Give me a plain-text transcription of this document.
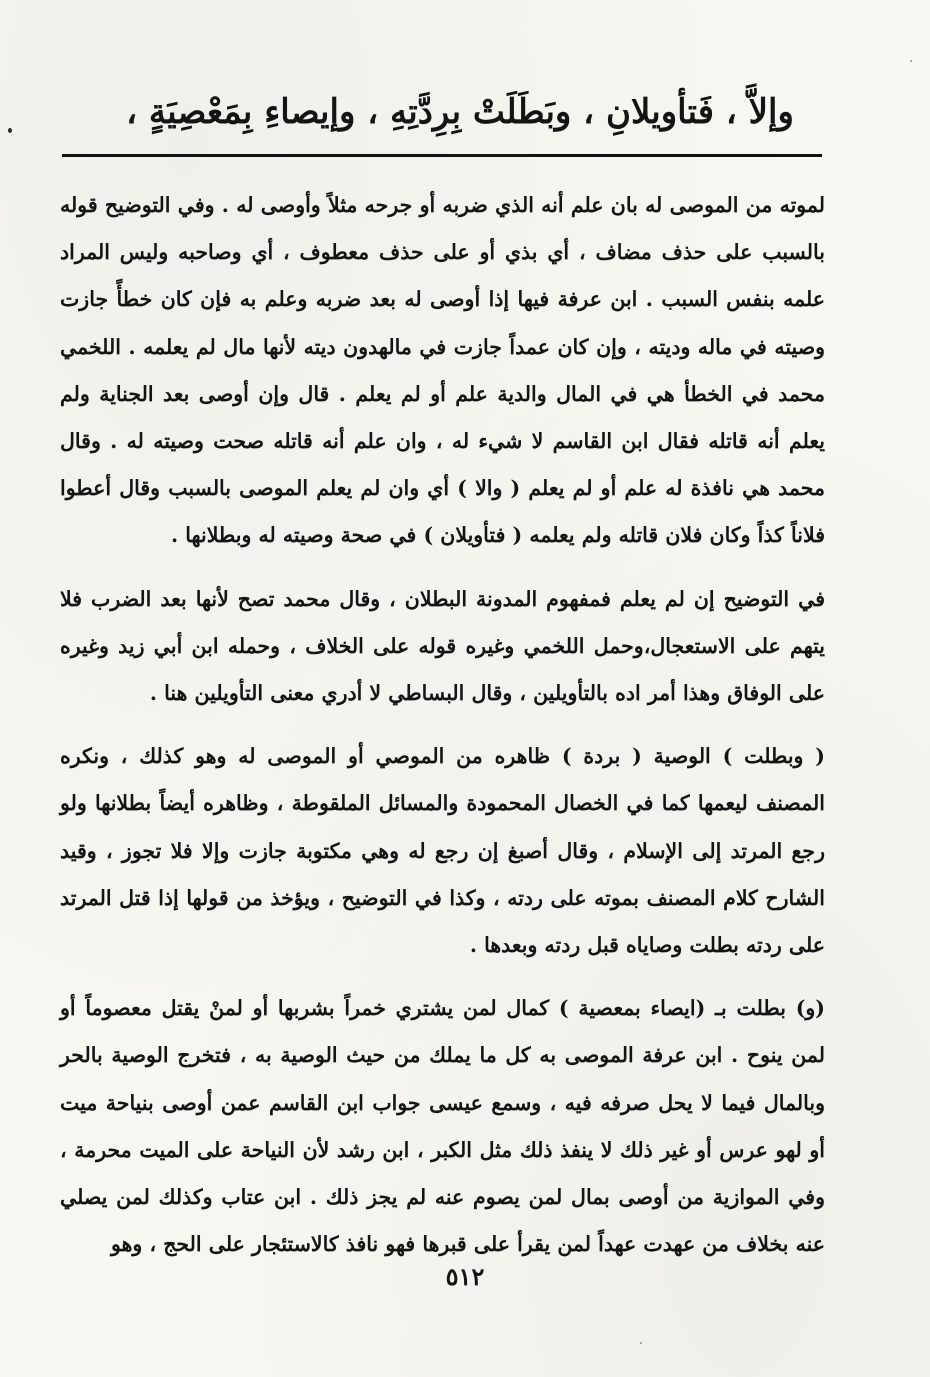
وإلاَّ ، فَتأويلانِ ، وبَطَلَتْ بِرِدَّتِهِ ، وإيصاءِ بِمَعْصِيَةٍ ،

لموته من الموصى له بان علم أنه الذي ضربه أو جرحه مثلاً وأوصى له . وفي التوضيح قوله بالسبب على حذف مضاف ، أي بذي أو على حذف معطوف ، أي وصاحبه وليس المراد علمه بنفس السبب . ابن عرفة فيها إذا أوصى له بعد ضربه وعلم به فإن كان خطأً جازت وصيته في ماله وديته ، وإن كان عمداً جازت في مالهدون ديته لأنها مال لم يعلمه . اللخمي محمد في الخطأ هي في المال والدية علم أو لم يعلم . قال وإن أوصى بعد الجناية ولم يعلم أنه قاتله فقال ابن القاسم لا شيء له ، وان علم أنه قاتله صحت وصيته له . وقال محمد هي نافذة له علم أو لم يعلم ( والا ) أي وان لم يعلم الموصى بالسبب وقال أعطوا فلاناً كذاً وكان فلان قاتله ولم يعلمه ( فتأويلان ) في صحة وصيته له وبطلانها .

في التوضيح إن لم يعلم فمفهوم المدونة البطلان ، وقال محمد تصح لأنها بعد الضرب فلا يتهم على الاستعجال،وحمل اللخمي وغيره قوله على الخلاف ، وحمله ابن أبي زيد وغيره على الوفاق وهذا أمر اده بالتأويلين ، وقال البساطي لا أدري معنى التأويلين هنا .

( وبطلت ) الوصية ( بردة ) ظاهره من الموصي أو الموصى له وهو كذلك ، ونكره المصنف ليعمها كما في الخصال المحمودة والمسائل الملقوطة ، وظاهره أيضاً بطلانها ولو رجع المرتد إلى الإسلام ، وقال أصبغ إن رجع له وهي مكتوبة جازت وإلا فلا تجوز ، وقيد الشارح كلام المصنف بموته على ردته ، وكذا في التوضيح ، ويؤخذ من قولها إذا قتل المرتد على ردته بطلت وصاياه قبل ردته وبعدها .

(و) بطلت بـ (ايصاء بمعصية ) كمال لمن يشتري خمراً بشربها أو لمنْ يقتل معصوماً أو لمن ينوح . ابن عرفة الموصى به كل ما يملك من حيث الوصية به ، فتخرج الوصية بالحر وبالمال فيما لا يحل صرفه فيه ، وسمع عيسى جواب ابن القاسم عمن أوصى بنياحة ميت أو لهو عرس أو غير ذلك لا ينفذ ذلك مثل الكبر ، ابن رشد لأن النياحة على الميت محرمة ، وفي الموازية من أوصى بمال لمن يصوم عنه لم يجز ذلك . ابن عتاب وكذلك لمن يصلي عنه بخلاف من عهدت عهداً لمن يقرأ على قبرها فهو نافذ كالاستئجار على الحج ، وهو

٥١٢
